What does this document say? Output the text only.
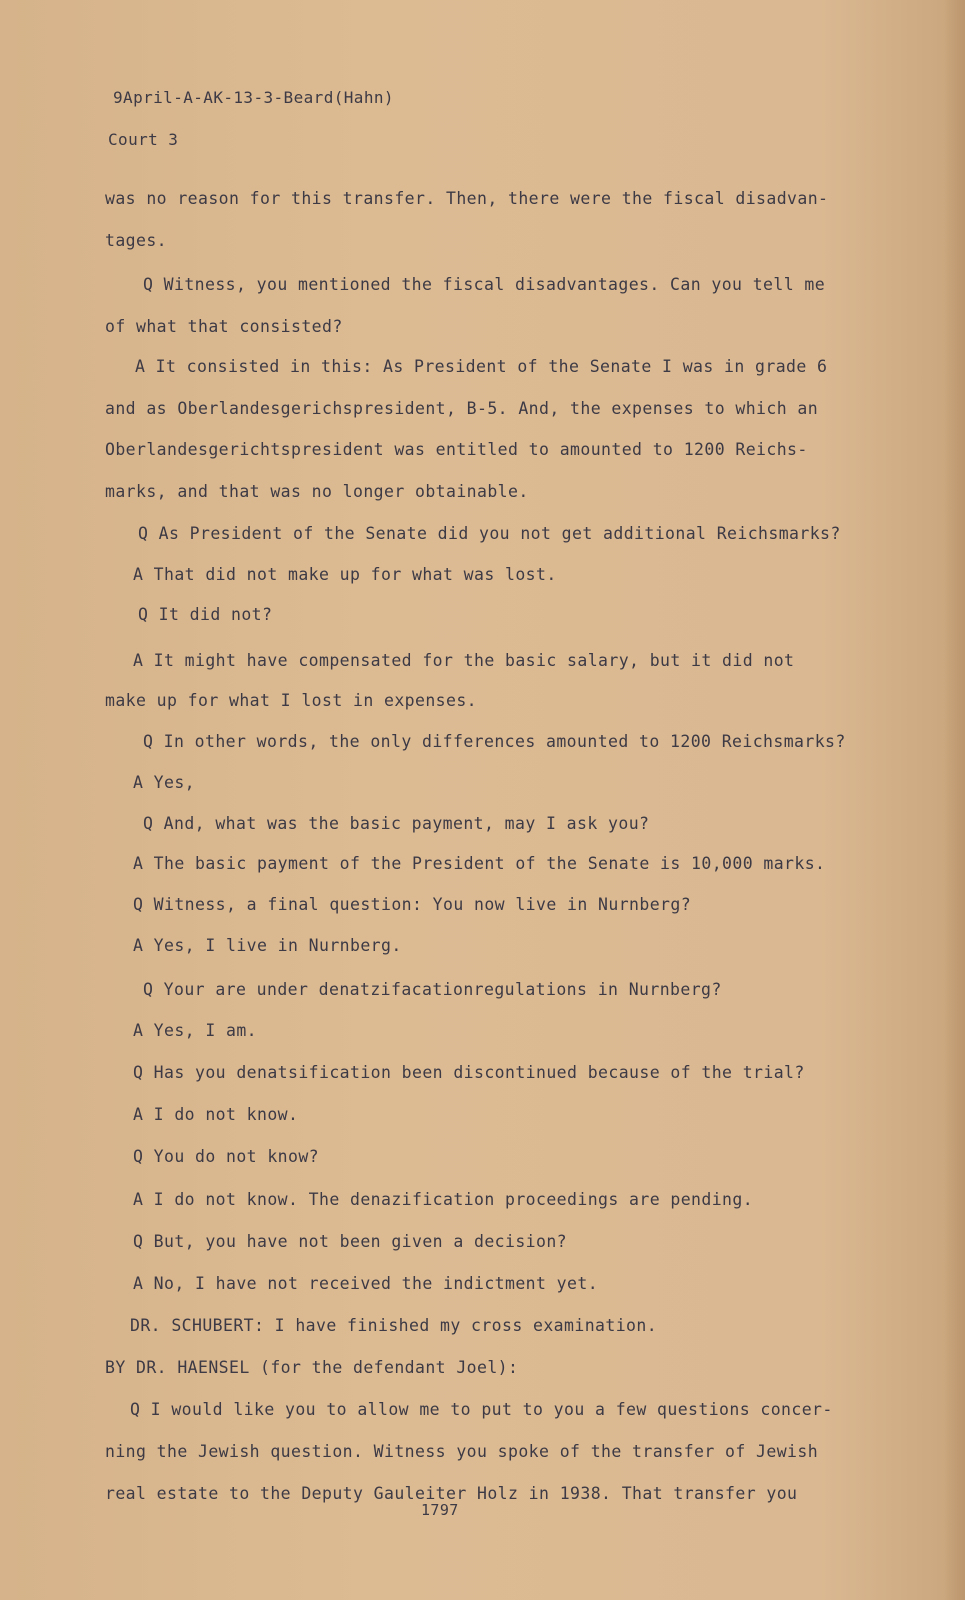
9April-A-AK-13-3-Beard(Hahn)
Court 3
was no reason for this transfer. Then, there were the fiscal disadvan-
tages.
Q Witness, you mentioned the fiscal disadvantages. Can you tell me
of what that consisted?
A It consisted in this: As President of the Senate I was in grade 6
and as Oberlandesgerichspresident, B-5. And, the expenses to which an
Oberlandesgerichtspresident was entitled to amounted to 1200 Reichs-
marks, and that was no longer obtainable.
Q As President of the Senate did you not get additional Reichsmarks?
A That did not make up for what was lost.
Q It did not?
A It might have compensated for the basic salary, but it did not
make up for what I lost in expenses.
Q In other words, the only differences amounted to 1200 Reichsmarks?
A Yes,
Q And, what was the basic payment, may I ask you?
A The basic payment of the President of the Senate is 10,000 marks.
Q Witness, a final question: You now live in Nurnberg?
A Yes, I live in Nurnberg.
Q Your are under denatzifacationregulations in Nurnberg?
A Yes, I am.
Q Has you denatsification been discontinued because of the trial?
A I do not know.
Q You do not know?
A I do not know. The denazification proceedings are pending.
Q But, you have not been given a decision?
A No, I have not received the indictment yet.
DR. SCHUBERT: I have finished my cross examination.
BY DR. HAENSEL (for the defendant Joel):
Q I would like you to allow me to put to you a few questions concer-
ning the Jewish question. Witness you spoke of the transfer of Jewish
real estate to the Deputy Gauleiter Holz in 1938. That transfer you
1797
